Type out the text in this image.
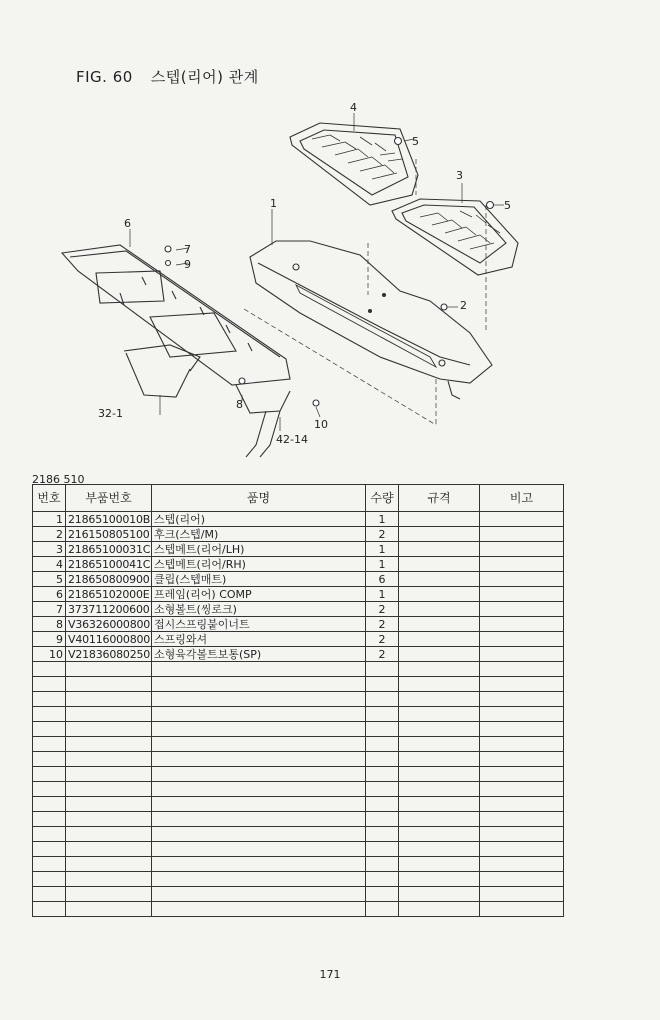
FIG. 60 스텝(리어) 관계
1
2
3
4
5
5
6
7
9
8
10
32-1
42-14
2186 510
번호	부품번호	품명	수량	규격	비고
1	21865100010B	스텝(리어)	1		
2	216150805100	후크(스텝/M)	2		
3	21865100031C	스텝메트(리어/LH)	1		
4	21865100041C	스텝메트(리어/RH)	1		
5	218650800900	클립(스텝매트)	6		
6	21865102000E	프레임(리어) COMP	1		
7	373711200600	소형볼트(씽로크)	2		
8	V36326000800	접시스프링붙이너트	2		
9	V40116000800	스프링와셔	2		
10	V21836080250	소형육각볼트보통(SP)	2		

171
